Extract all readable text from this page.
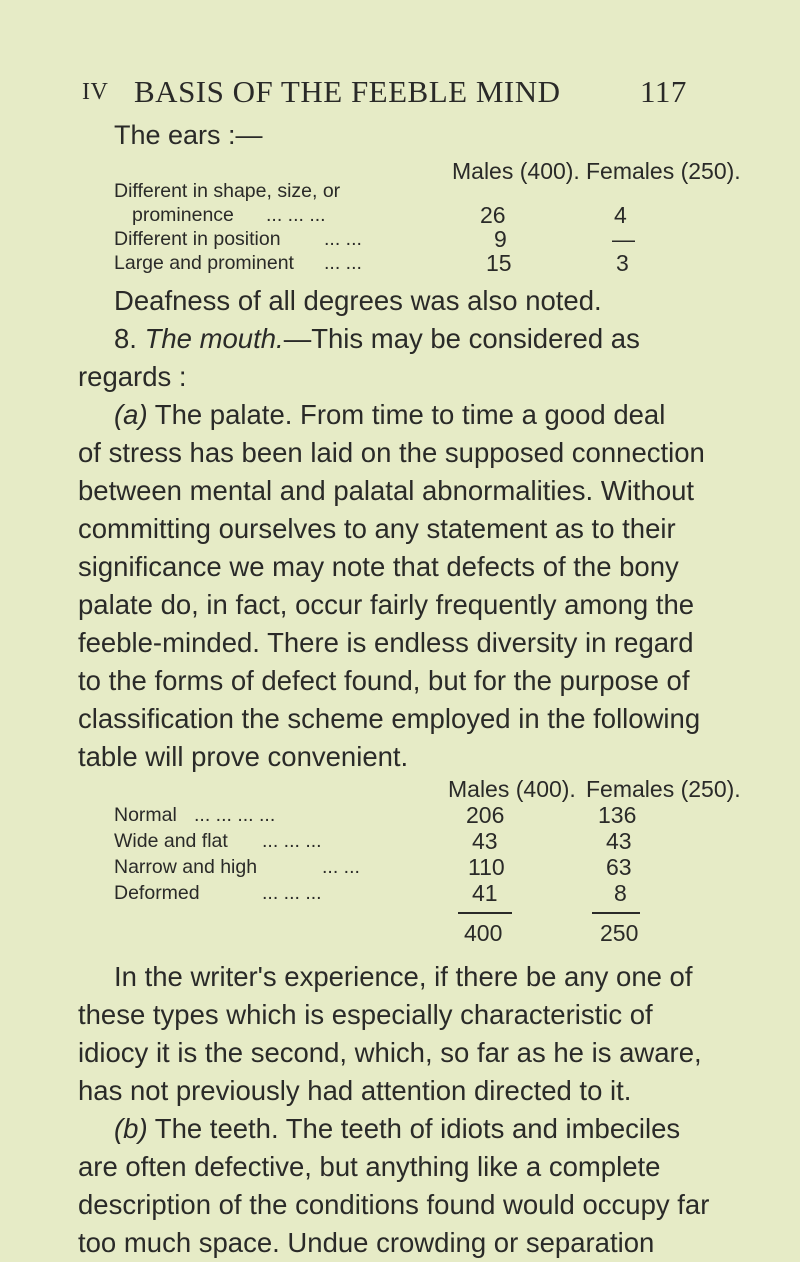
IV BASIS OF THE FEEBLE MIND	117
The ears :—
Males (400). Females (250).
Different in shape, size, or
prominence ... ... ...	26	4
Different in position ... ...	9	—
Large and prominent ... ...	15	3
Deafness of all degrees was also noted.
8. The mouth.—This may be considered as
regards :
(a) The palate. From time to time a good deal
of stress has been laid on the supposed connection
between mental and palatal abnormalities. Without
committing ourselves to any statement as to their
significance we may note that defects of the bony
palate do, in fact, occur fairly frequently among the
feeble-minded. There is endless diversity in regard
to the forms of defect found, but for the purpose of
classification the scheme employed in the following
table will prove convenient.
Males (400). Females (250).
Normal ... ... ... ...	206	136
Wide and flat ... ... ...	43	43
Narrow and high	... ...	110	63
Deformed	... ... ...	41	8
400	250
In the writer's experience, if there be any one of
these types which is especially characteristic of
idiocy it is the second, which, so far as he is aware,
has not previously had attention directed to it.
(b) The teeth. The teeth of idiots and imbeciles
are often defective, but anything like a complete
description of the conditions found would occupy far
too much space. Undue crowding or separation
